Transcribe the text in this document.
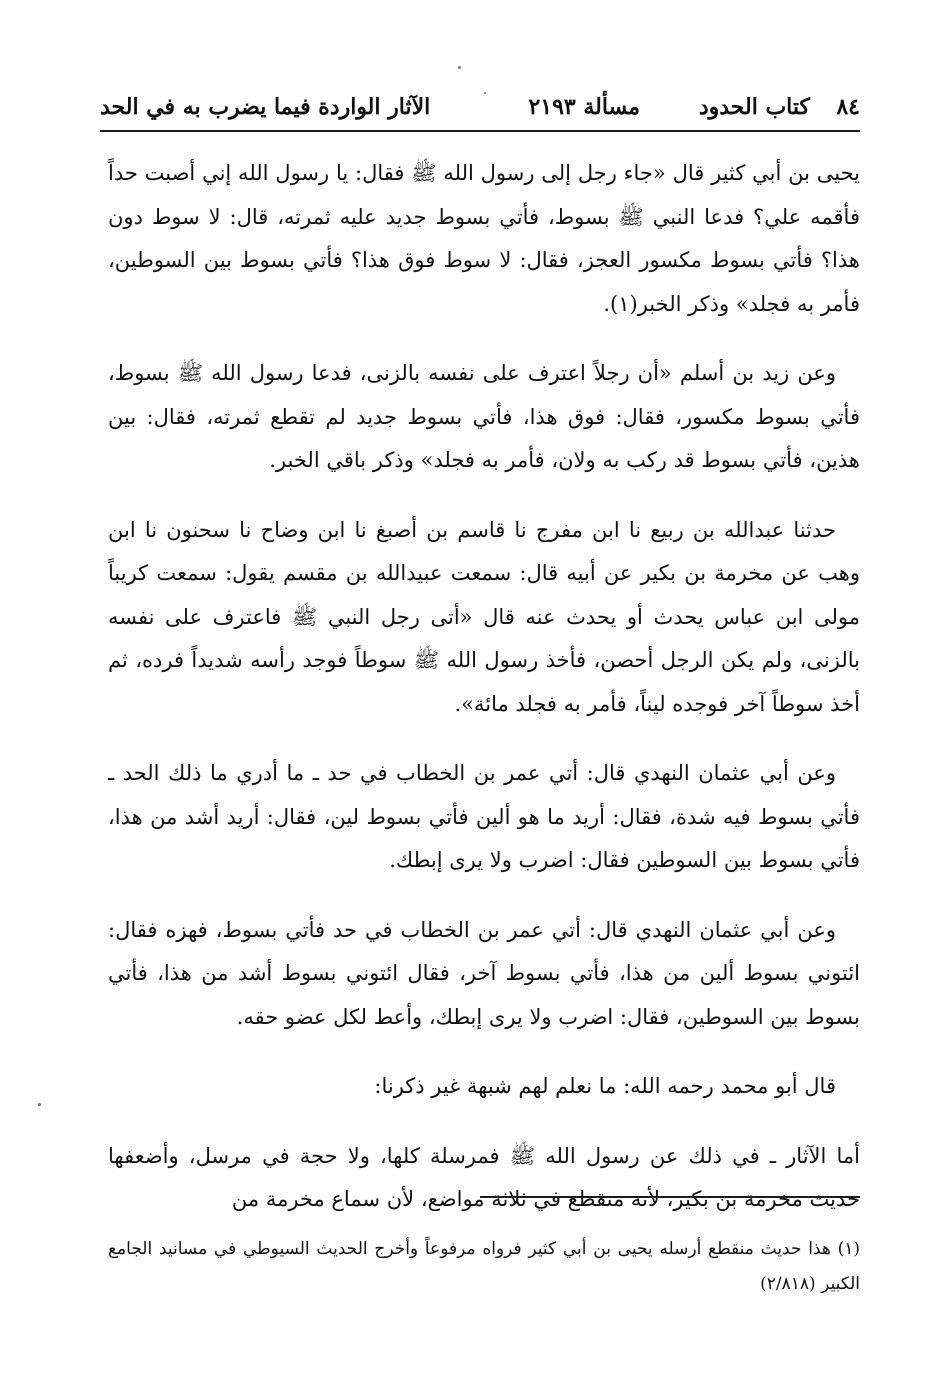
٨٤
كتاب الحدود
مسألة ٢١٩٣
الآثار الواردة فيما يضرب به في الحد

يحيى بن أبي كثير قال «جاء رجل إلى رسول الله ﷺ فقال: يا رسول الله إني أصبت حداً فأقمه علي؟ فدعا النبي ﷺ بسوط، فأتي بسوط جديد عليه ثمرته، قال: لا سوط دون هذا؟ فأتي بسوط مكسور العجز، فقال: لا سوط فوق هذا؟ فأتي بسوط بين السوطين، فأمر به فجلد» وذكر الخبر(١).

وعن زيد بن أسلم «أن رجلاً اعترف على نفسه بالزنى، فدعا رسول الله ﷺ بسوط، فأتي بسوط مكسور، فقال: فوق هذا، فأتي بسوط جديد لم تقطع ثمرته، فقال: بين هذين، فأتي بسوط قد ركب به ولان، فأمر به فجلد» وذكر باقي الخبر.

حدثنا عبدالله بن ربيع نا ابن مفرج نا قاسم بن أصبغ نا ابن وضاح نا سحنون نا ابن وهب عن مخرمة بن بكير عن أبيه قال: سمعت عبيدالله بن مقسم يقول: سمعت كريباً مولى ابن عباس يحدث أو يحدث عنه قال «أتى رجل النبي ﷺ فاعترف على نفسه بالزنى، ولم يكن الرجل أحصن، فأخذ رسول الله ﷺ سوطاً فوجد رأسه شديداً فرده، ثم أخذ سوطاً آخر فوجده ليناً، فأمر به فجلد مائة».

وعن أبي عثمان النهدي قال: أتي عمر بن الخطاب في حد ـ ما أدري ما ذلك الحد ـ فأتي بسوط فيه شدة، فقال: أريد ما هو ألين فأتي بسوط لين، فقال: أريد أشد من هذا، فأتي بسوط بين السوطين فقال: اضرب ولا يرى إبطك.

وعن أبي عثمان النهدي قال: أتي عمر بن الخطاب في حد فأتي بسوط، فهزه فقال: ائتوني بسوط ألين من هذا، فأتي بسوط آخر، فقال ائتوني بسوط أشد من هذا، فأتي بسوط بين السوطين، فقال: اضرب ولا يرى إبطك، وأعط لكل عضو حقه.

قال أبو محمد رحمه الله: ما نعلم لهم شبهة غير ذكرنا:

أما الآثار ـ في ذلك عن رسول الله ﷺ فمرسلة كلها، ولا حجة في مرسل، وأضعفها حديث مخرمة بن بكير، لأنه منقطع في ثلاثة مواضع، لأن سماع مخرمة من

(١) هذا حديث منقطع أرسله يحيى بن أبي كثير فرواه مرفوعاً وأخرج الحديث السيوطي في مسانيد الجامع الكبير (٢/٨١٨)
